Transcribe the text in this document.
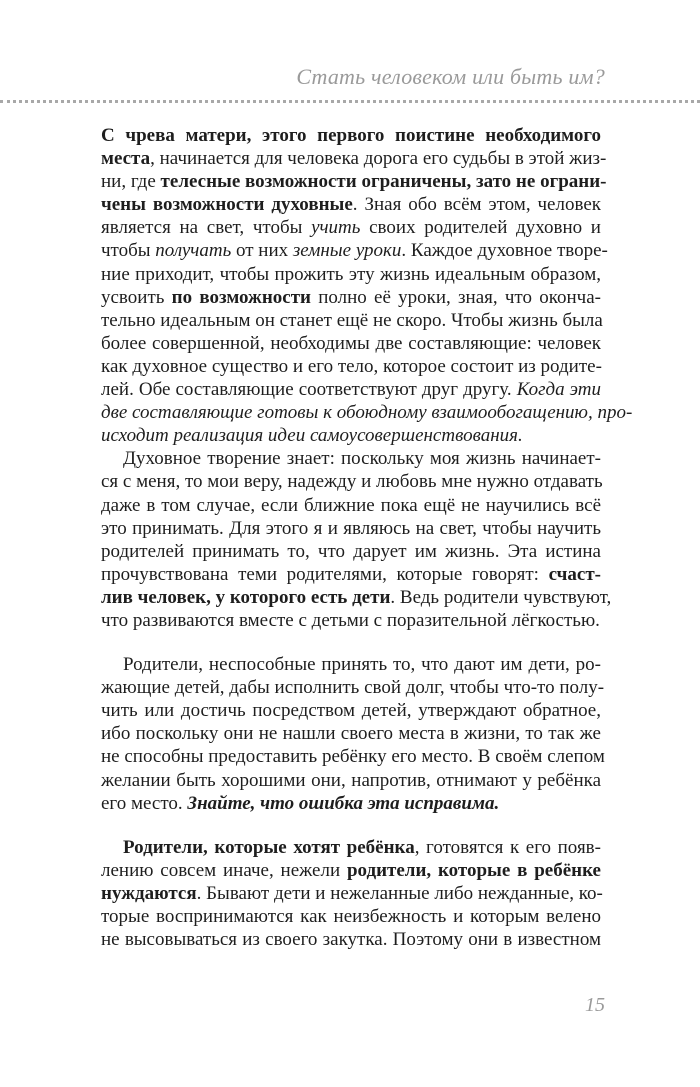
Стать человеком или быть им?
С чрева матери, этого первого поистине необходимого
места, начинается для человека дорога его судьбы в этой жиз-
ни, где телесные возможности ограничены, зато не ограни-
чены возможности духовные. Зная обо всём этом, человек
является на свет, чтобы учить своих родителей духовно и
чтобы получать от них земные уроки. Каждое духовное творе-
ние приходит, чтобы прожить эту жизнь идеальным образом,
усвоить по возможности полно её уроки, зная, что оконча-
тельно идеальным он станет ещё не скоро. Чтобы жизнь была
более совершенной, необходимы две составляющие: человек
как духовное существо и его тело, которое состоит из родите-
лей. Обе составляющие соответствуют друг другу. Когда эти
две составляющие готовы к обоюдному взаимообогащению, про-
исходит реализация идеи самоусовершенствования.
Духовное творение знает: поскольку моя жизнь начинает-
ся с меня, то мои веру, надежду и любовь мне нужно отдавать
даже в том случае, если ближние пока ещё не научились всё
это принимать. Для этого я и являюсь на свет, чтобы научить
родителей принимать то, что дарует им жизнь. Эта истина
прочувствована теми родителями, которые говорят: счаст-
лив человек, у которого есть дети. Ведь родители чувствуют,
что развиваются вместе с детьми с поразительной лёгкостью.
Родители, неспособные принять то, что дают им дети, ро-
жающие детей, дабы исполнить свой долг, чтобы что-то полу-
чить или достичь посредством детей, утверждают обратное,
ибо поскольку они не нашли своего места в жизни, то так же
не способны предоставить ребёнку его место. В своём слепом
желании быть хорошими они, напротив, отнимают у ребёнка
его место. Знайте, что ошибка эта исправима.
Родители, которые хотят ребёнка, готовятся к его появ-
лению совсем иначе, нежели родители, которые в ребёнке
нуждаются. Бывают дети и нежеланные либо нежданные, ко-
торые воспринимаются как неизбежность и которым велено
не высовываться из своего закутка. Поэтому они в известном
15
